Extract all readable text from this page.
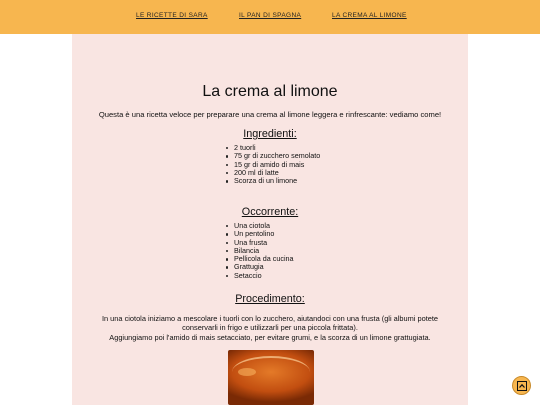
LE RICETTE DI SARA	IL PAN DI SPAGNA	LA CREMA AL LIMONE
La crema al limone

Questa è una ricetta veloce per preparare una crema al limone leggera e rinfrescante: vediamo come!

Ingredienti:
2 tuorli
75 gr di zucchero semolato
15 gr di amido di mais
200 ml di latte
Scorza di un limone
Occorrente:
Una ciotola
Un pentolino
Una frusta
Bilancia
Pellicola da cucina
Grattugia
Setaccio
Procedimento:

In una ciotola iniziamo a mescolare i tuorli con lo zucchero, aiutandoci con una frusta (gli albumi potete conservarli in frigo e utilizzarli per una piccola frittata).
Aggiungiamo poi l'amido di mais setacciato, per evitare grumi, e la scorza di un limone grattugiata.
